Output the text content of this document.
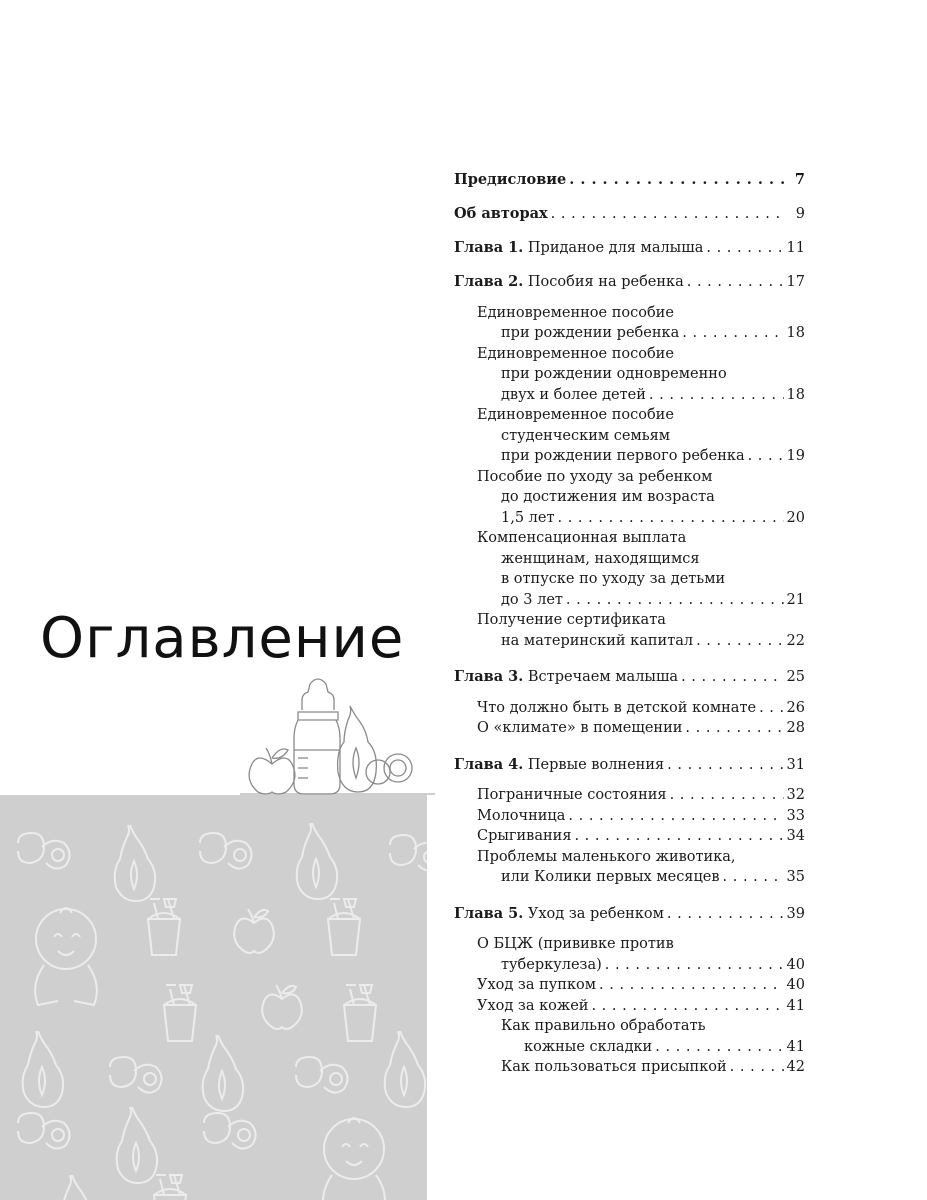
Оглавление
Предисловие . . .	7
Об авторах . . .	9
Глава 1. Приданое для малыша . . .	11
Глава 2. Пособия на ребенка . . .	17
Единовременное пособие
при рождении ребенка . . .	18
Единовременное пособие
при рождении одновременно
двух и более детей . . .	18
Единовременное пособие
студенческим семьям
при рождении первого ребенка . . .	19
Пособие по уходу за ребенком
до достижения им возраста
1,5 лет . . .	20
Компенсационная выплата
женщинам, находящимся
в отпуске по уходу за детьми
до 3 лет . . .	21
Получение сертификата
на материнский капитал . . .	22
Глава 3. Встречаем малыша . . .	25
Что должно быть в детской комнате . . . 26
О «климате» в помещении . . .	28
Глава 4. Первые волнения . . .	31
Пограничные состояния . . .	32
Молочница . . .	33
Срыгивания . . .	34
Проблемы маленького животика,
или Колики первых месяцев . . .	35
Глава 5. Уход за ребенком . . .	39
О БЦЖ (прививке против
туберкулеза) . . .	40
Уход за пупком . . .	40
Уход за кожей . . .	41
Как правильно обработать
кожные складки . . .	41
Как пользоваться присыпкой . . .	42
